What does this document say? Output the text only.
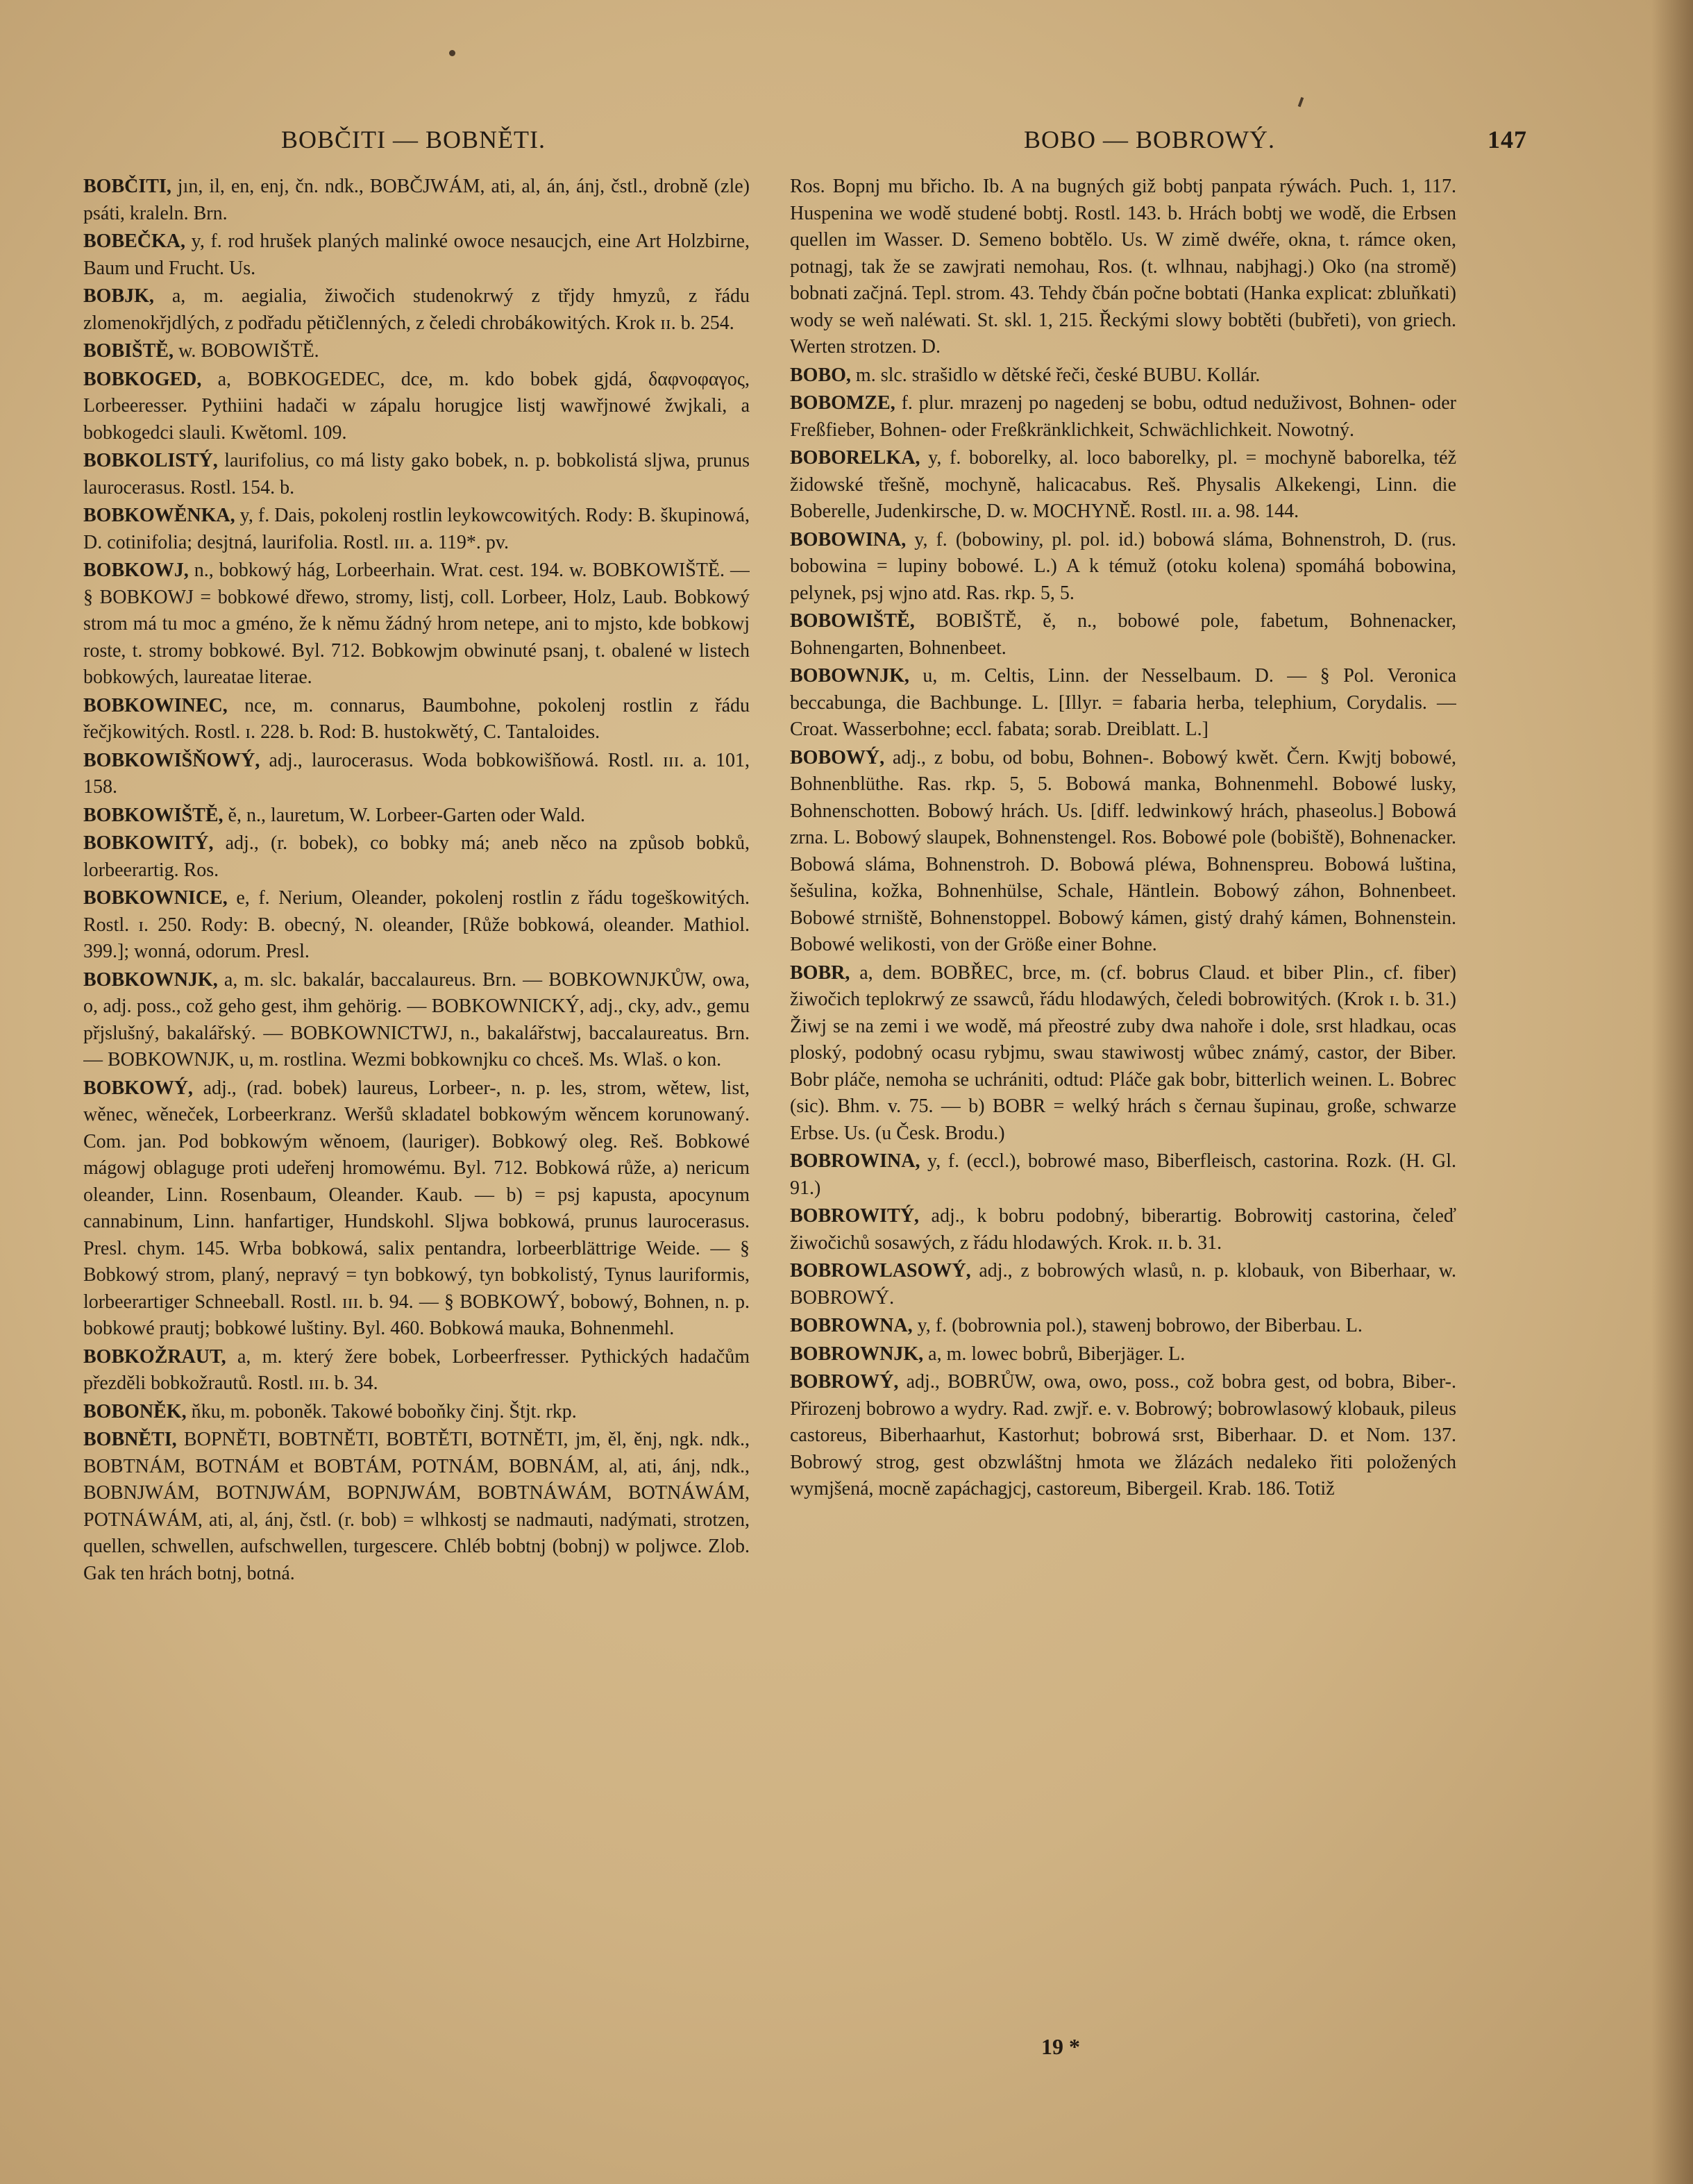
BOBČITI — BOBNĚTI.	BOBO — BOBROWÝ.	147

BOBČITI, jın, il, en, enj, čn. ndk., BOBČJWÁM, ati, al, án, ánj, čstl., drobně (zle) psáti, kraleln. Brn.

BOBEČKA, y, f. rod hrušek planých malinké owoce nesaucjch, eine Art Holzbirne, Baum und Frucht. Us.

BOBJK, a, m. aegialia, žiwočich studenokrwý z třjdy hmyzů, z řádu zlomenokřjdlých, z podřadu pětičlenných, z čeledi chrobákowitých. Krok ɪɪ. b. 254.

BOBIŠTĚ, w. BOBOWIŠTĚ.

BOBKOGED, a, BOBKOGEDEC, dce, m. kdo bobek gjdá, δαφνοφαγος, Lorbeeresser. Pythiini hadači w zápalu horugjce listj wawřjnowé žwjkali, a bobkogedci slauli. Kwětoml. 109.

BOBKOLISTÝ, laurifolius, co má listy gako bobek, n. p. bobkolistá sljwa, prunus laurocerasus. Rostl. 154. b.

BOBKOWĚNKA, y, f. Dais, pokolenj rostlin leykowcowitých. Rody: B. škupinowá, D. cotinifolia; desjtná, laurifolia. Rostl. ɪɪɪ. a. 119*. pv.

BOBKOWJ, n., bobkowý hág, Lorbeerhain. Wrat. cest. 194. w. BOBKOWIŠTĚ. — § BOBKOWJ = bobkowé dřewo, stromy, listj, coll. Lorbeer, Holz, Laub. Bobkowý strom má tu moc a gméno, že k němu žádný hrom netepe, ani to mjsto, kde bobkowj roste, t. stromy bobkowé. Byl. 712. Bobkowjm obwinuté psanj, t. obalené w listech bobkowých, laureatae literae.

BOBKOWINEC, nce, m. connarus, Baumbohne, pokolenj rostlin z řádu řečjkowitých. Rostl. ɪ. 228. b. Rod: B. hustokwětý, C. Tantaloides.

BOBKOWIŠŇOWÝ, adj., laurocerasus. Woda bobkowišňowá. Rostl. ɪɪɪ. a. 101, 158.

BOBKOWIŠTĚ, ě, n., lauretum, W. Lorbeer-Garten oder Wald.

BOBKOWITÝ, adj., (r. bobek), co bobky má; aneb něco na způsob bobků, lorbeerartig. Ros.

BOBKOWNICE, e, f. Nerium, Oleander, pokolenj rostlin z řádu togeškowitých. Rostl. ɪ. 250. Rody: B. obecný, N. oleander, [Růže bobkowá, oleander. Mathiol. 399.]; wonná, odorum. Presl.

BOBKOWNJK, a, m. slc. bakalár, baccalaureus. Brn. — BOBKOWNJKŮW, owa, o, adj. poss., což geho gest, ihm gehörig. — BOBKOWNICKÝ, adj., cky, adv., gemu přjslušný, bakalářský. — BOBKOWNICTWJ, n., bakalářstwj, baccalaureatus. Brn. — BOBKOWNJK, u, m. rostlina. Wezmi bobkownjku co chceš. Ms. Wlaš. o kon.

BOBKOWÝ, adj., (rad. bobek) laureus, Lorbeer-, n. p. les, strom, wětew, list, wěnec, wěneček, Lorbeerkranz. Weršů skladatel bobkowým wěncem korunowaný. Com. jan. Pod bobkowým wěnoem, (lauriger). Bobkowý oleg. Reš. Bobkowé mágowj oblaguge proti udeřenj hromowému. Byl. 712. Bobkowá růže, a) nericum oleander, Linn. Rosenbaum, Oleander. Kaub. — b) = psj kapusta, apocynum cannabinum, Linn. hanfartiger, Hundskohl. Sljwa bobkowá, prunus laurocerasus. Presl. chym. 145. Wrba bobkowá, salix pentandra, lorbeerblättrige Weide. — § Bobkowý strom, planý, nepravý = tyn bobkowý, tyn bobkolistý, Tynus lauriformis, lorbeerartiger Schneeball. Rostl. ɪɪɪ. b. 94. — § BOBKOWÝ, bobowý, Bohnen, n. p. bobkowé prautj; bobkowé luštiny. Byl. 460. Bobkowá mauka, Bohnenmehl.

BOBKOŽRAUT, a, m. který žere bobek, Lorbeerfresser. Pythických hadačům přezděli bobkožrautů. Rostl. ɪɪɪ. b. 34.

BOBONĚK, ňku, m. poboněk. Takowé boboňky činj. Štjt. rkp.

BOBNĚTI, BOPNĚTI, BOBTNĚTI, BOBTĚTI, BOTNĚTI, jm, ěl, ěnj, ngk. ndk., BOBTNÁM, BOTNÁM et BOBTÁM, POTNÁM, BOBNÁM, al, ati, ánj, ndk., BOBNJWÁM, BOTNJWÁM, BOPNJWÁM, BOBTNÁWÁM, BOTNÁWÁM, POTNÁWÁM, ati, al, ánj, čstl. (r. bob) = wlhkostj se nadmauti, nadýmati, strotzen, quellen, schwellen, aufschwellen, turgescere. Chléb bobtnj (bobnj) w poljwce. Zlob. Gak ten hrách botnj, botná.

Ros. Bopnj mu břicho. Ib. A na bugných giž bobtj panpata rýwách. Puch. 1, 117. Huspenina we wodě studené bobtj. Rostl. 143. b. Hrách bobtj we wodě, die Erbsen quellen im Wasser. D. Semeno bobtělo. Us. W zimě dwéře, okna, t. rámce oken, potnagj, tak že se zawjrati nemohau, Ros. (t. wlhnau, nabjhagj.) Oko (na stromě) bobnati začjná. Tepl. strom. 43. Tehdy čbán počne bobtati (Hanka explicat: zbluňkati) wody se weň naléwati. St. skl. 1, 215. Řeckými slowy bobtěti (bubřeti), von griech. Werten strotzen. D.

BOBO, m. slc. strašidlo w dětské řeči, české BUBU. Kollár.

BOBOMZE, f. plur. mrazenj po nagedenj se bobu, odtud neduživost, Bohnen- oder Freßfieber, Bohnen- oder Freßkränklichkeit, Schwächlichkeit. Nowotný.

BOBORELKA, y, f. boborelky, al. loco baborelky, pl. = mochyně baborelka, též židowské třešně, mochyně, halicacabus. Reš. Physalis Alkekengi, Linn. die Boberelle, Judenkirsche, D. w. MOCHYNĚ. Rostl. ɪɪɪ. a. 98. 144.

BOBOWINA, y, f. (bobowiny, pl. pol. id.) bobowá sláma, Bohnenstroh, D. (rus. bobowina = lupiny bobowé. L.) A k témuž (otoku kolena) spomáhá bobowina, pelynek, psj wjno atd. Ras. rkp. 5, 5.

BOBOWIŠTĚ, BOBIŠTĚ, ě, n., bobowé pole, fabetum, Bohnenacker, Bohnengarten, Bohnenbeet.

BOBOWNJK, u, m. Celtis, Linn. der Nesselbaum. D. — § Pol. Veronica beccabunga, die Bachbunge. L. [Illyr. = fabaria herba, telephium, Corydalis. — Croat. Wasserbohne; eccl. fabata; sorab. Dreiblatt. L.]

BOBOWÝ, adj., z bobu, od bobu, Bohnen-. Bobowý kwět. Čern. Kwjtj bobowé, Bohnenblüthe. Ras. rkp. 5, 5. Bobowá manka, Bohnenmehl. Bobowé lusky, Bohnenschotten. Bobowý hrách. Us. [diff. ledwinkowý hrách, phaseolus.] Bobowá zrna. L. Bobowý slaupek, Bohnenstengel. Ros. Bobowé pole (bobiště), Bohnenacker. Bobowá sláma, Bohnenstroh. D. Bobowá pléwa, Bohnenspreu. Bobowá luština, šešulina, kožka, Bohnenhülse, Schale, Häntlein. Bobowý záhon, Bohnenbeet. Bobowé strniště, Bohnenstoppel. Bobowý kámen, gistý drahý kámen, Bohnenstein. Bobowé welikosti, von der Größe einer Bohne.

BOBR, a, dem. BOBŘEC, brce, m. (cf. bobrus Claud. et biber Plin., cf. fiber) žiwočich teplokrwý ze ssawců, řádu hlodawých, čeledi bobrowitých. (Krok ɪ. b. 31.) Žiwj se na zemi i we wodě, má přeostré zuby dwa nahoře i dole, srst hladkau, ocas ploský, podobný ocasu rybjmu, swau stawiwostj wůbec známý, castor, der Biber. Bobr pláče, nemoha se uchrániti, odtud: Pláče gak bobr, bitterlich weinen. L. Bobrec (sic). Bhm. v. 75. — b) BOBR = welký hrách s černau šupinau, große, schwarze Erbse. Us. (u Česk. Brodu.)

BOBROWINA, y, f. (eccl.), bobrowé maso, Biberfleisch, castorina. Rozk. (H. Gl. 91.)

BOBROWITÝ, adj., k bobru podobný, biberartig. Bobrowitj castorina, čeleď žiwočichů sosawých, z řádu hlodawých. Krok. ɪɪ. b. 31.

BOBROWLASOWÝ, adj., z bobrowých wlasů, n. p. klobauk, von Biberhaar, w. BOBROWÝ.

BOBROWNA, y, f. (bobrownia pol.), stawenj bobrowo, der Biberbau. L.

BOBROWNJK, a, m. lowec bobrů, Biberjäger. L.

BOBROWÝ, adj., BOBRŮW, owa, owo, poss., což bobra gest, od bobra, Biber-. Přirozenj bobrowo a wydry. Rad. zwjř. e. v. Bobrowý; bobrowlasowý klobauk, pileus castoreus, Biberhaarhut, Kastorhut; bobrowá srst, Biberhaar. D. et Nom. 137. Bobrowý strog, gest obzwláštnj hmota we žlázách nedaleko řiti položených wymjšená, mocně zapáchagjcj, castoreum, Bibergeil. Krab. 186. Totiž

19 *
